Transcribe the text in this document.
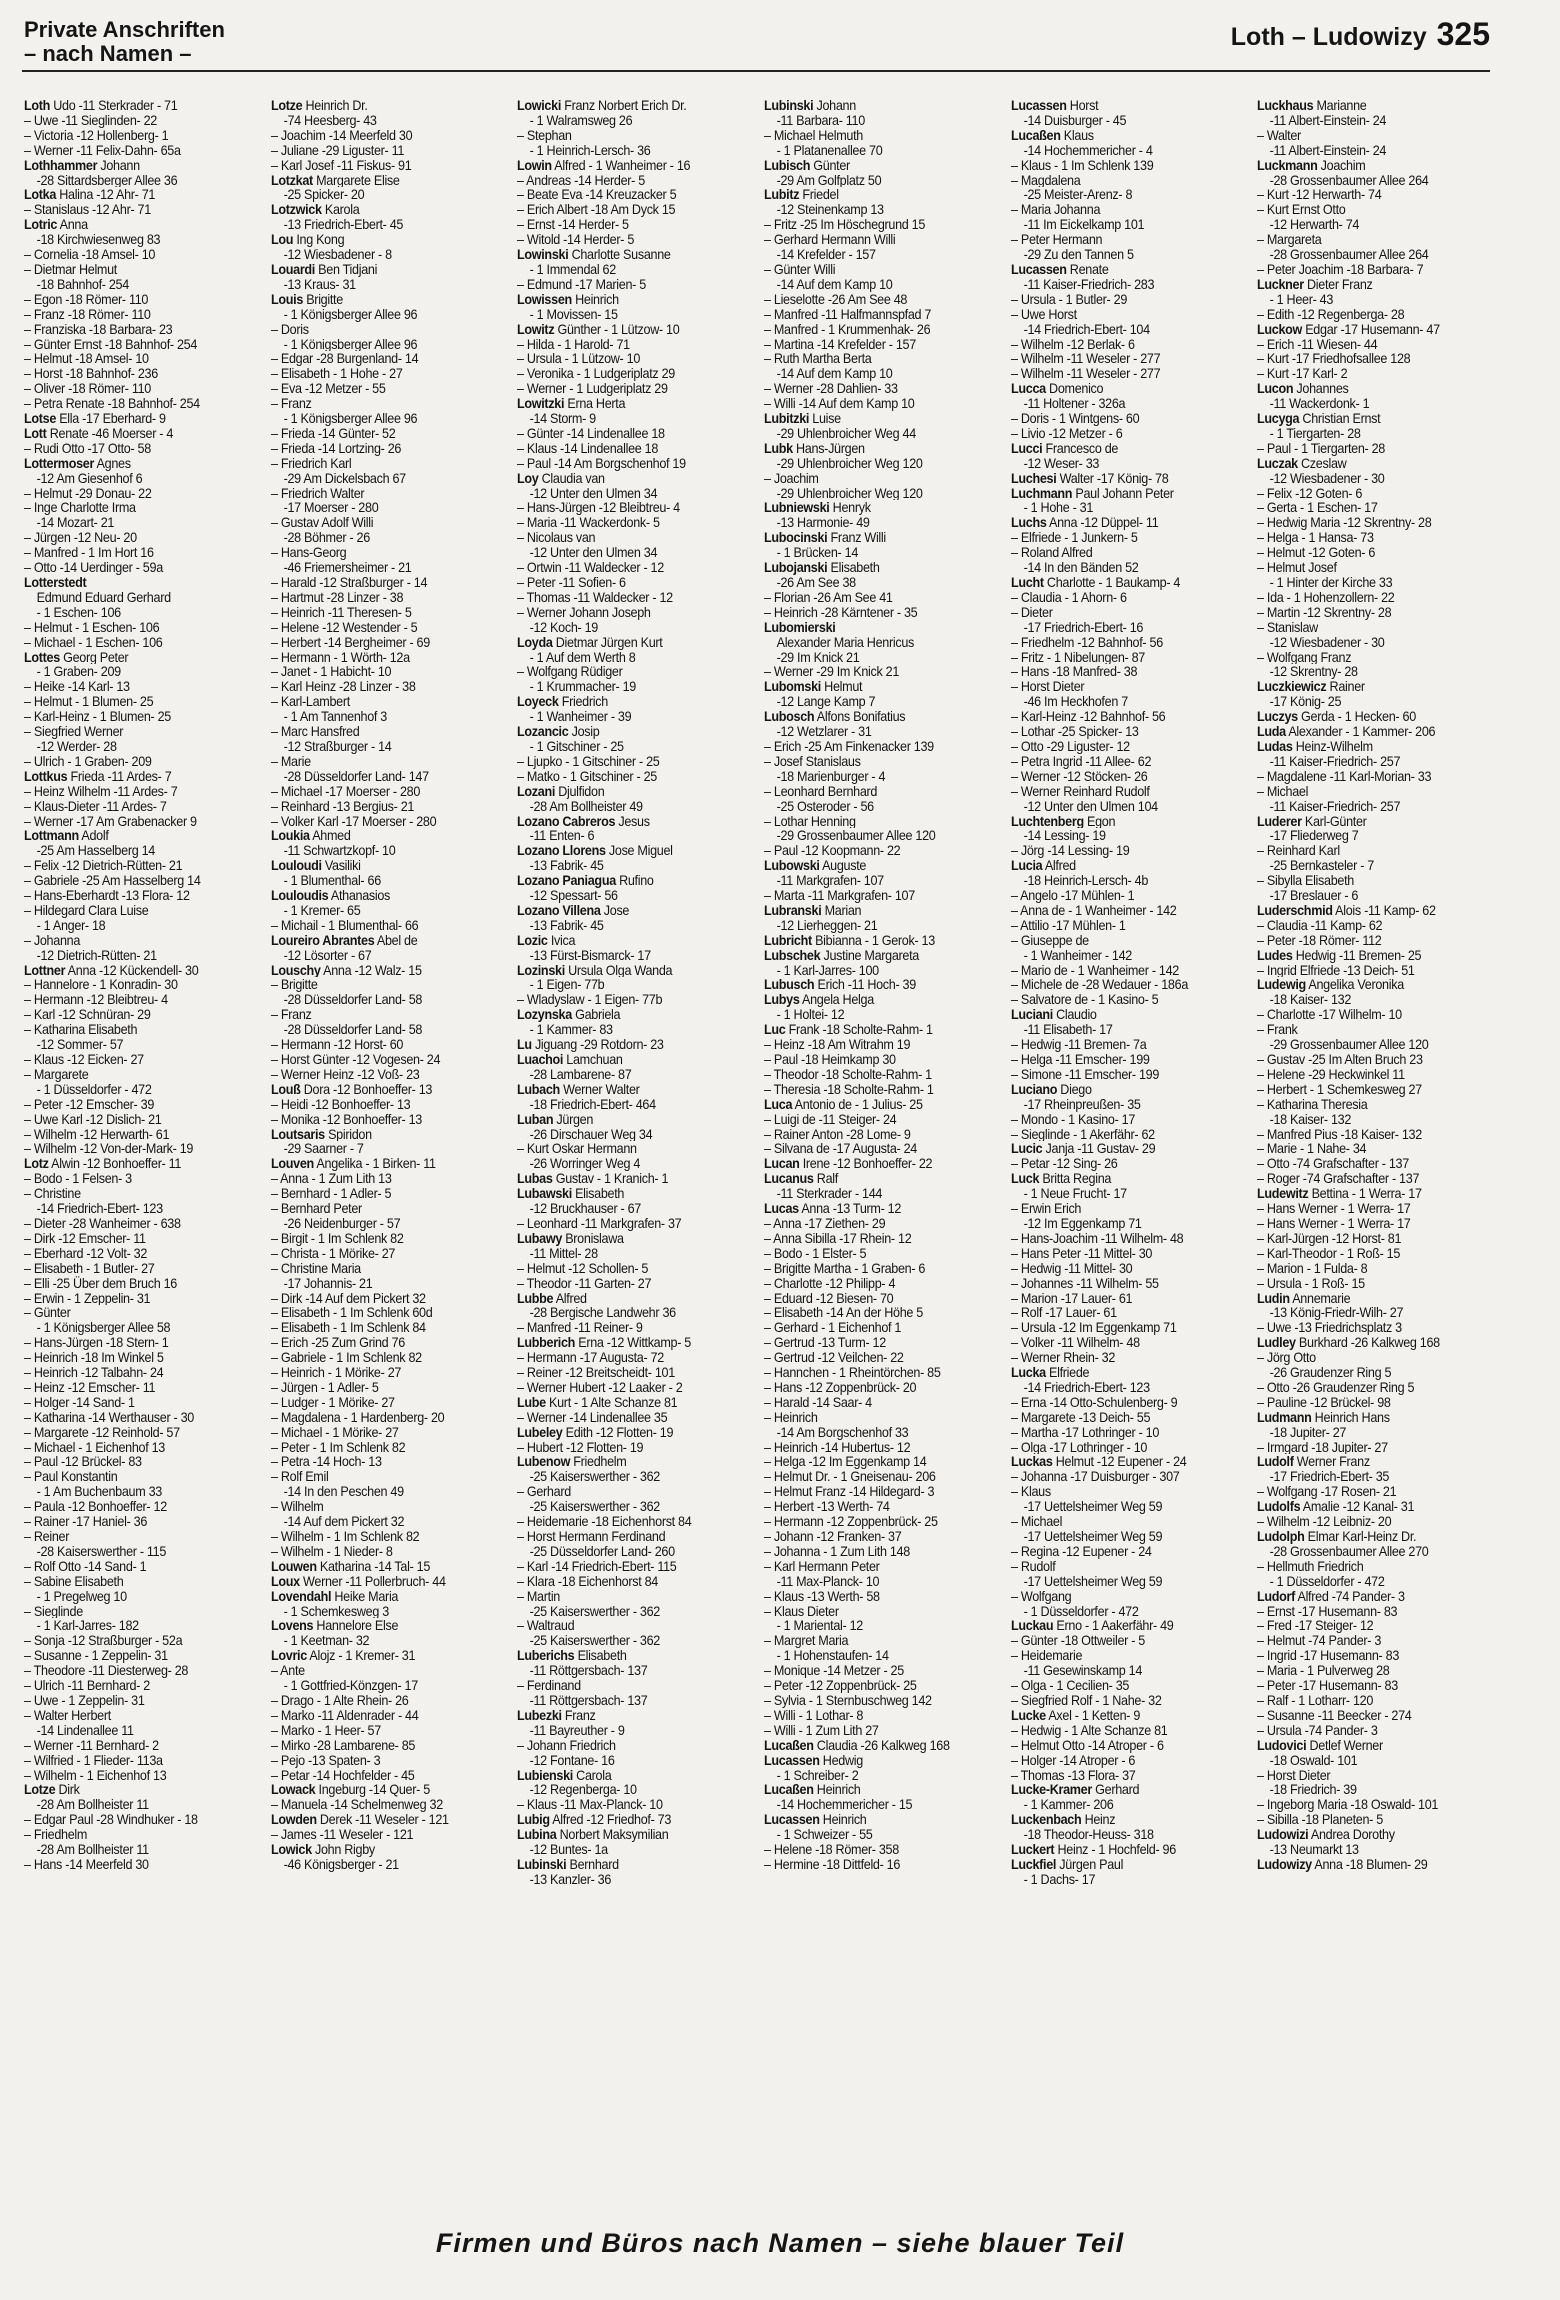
Private Anschriften
– nach Namen –
Loth – Ludowizy 325
Loth Udo -11 Sterkrader - 71
– Uwe -11 Sieglinden- 22
– Victoria -12 Hollenberg- 1
– Werner -11 Felix-Dahn- 65a
Lothhammer Johann
-28 Sittardsberger Allee 36
Lotka Halina -12 Ahr- 71
– Stanislaus -12 Ahr- 71
Lotric Anna
-18 Kirchwiesenweg 83
– Cornelia -18 Amsel- 10
– Dietmar Helmut
-18 Bahnhof- 254
– Egon -18 Römer- 110
– Franz -18 Römer- 110
– Franziska -18 Barbara- 23
– Günter Ernst -18 Bahnhof- 254
– Helmut -18 Amsel- 10
– Horst -18 Bahnhof- 236
– Oliver -18 Römer- 110
– Petra Renate -18 Bahnhof- 254
Lotse Ella -17 Eberhard- 9
Lott Renate -46 Moerser - 4
– Rudi Otto -17 Otto- 58
Lottermoser Agnes
-12 Am Giesenhof 6
– Helmut -29 Donau- 22
– Inge Charlotte Irma
-14 Mozart- 21
– Jürgen -12 Neu- 20
– Manfred - 1 Im Hort 16
– Otto -14 Uerdinger - 59a
Lotterstedt
Edmund Eduard Gerhard
- 1 Eschen- 106
– Helmut - 1 Eschen- 106
– Michael - 1 Eschen- 106
Lottes Georg Peter
- 1 Graben- 209
– Heike -14 Karl- 13
– Helmut - 1 Blumen- 25
– Karl-Heinz - 1 Blumen- 25
– Siegfried Werner
-12 Werder- 28
– Ulrich - 1 Graben- 209
Lottkus Frieda -11 Ardes- 7
– Heinz Wilhelm -11 Ardes- 7
– Klaus-Dieter -11 Ardes- 7
– Werner -17 Am Grabenacker 9
Lottmann Adolf
-25 Am Hasselberg 14
– Felix -12 Dietrich-Rütten- 21
– Gabriele -25 Am Hasselberg 14
– Hans-Eberhardt -13 Flora- 12
– Hildegard Clara Luise
- 1 Anger- 18
– Johanna
-12 Dietrich-Rütten- 21
Lottner Anna -12 Kückendell- 30
– Hannelore - 1 Konradin- 30
– Hermann -12 Bleibtreu- 4
– Karl -12 Schnüran- 29
– Katharina Elisabeth
-12 Sommer- 57
– Klaus -12 Eicken- 27
– Margarete
- 1 Düsseldorfer - 472
– Peter -12 Emscher- 39
– Uwe Karl -12 Dislich- 21
– Wilhelm -12 Herwarth- 61
– Wilhelm -12 Von-der-Mark- 19
Lotz Alwin -12 Bonhoeffer- 11
– Bodo - 1 Felsen- 3
– Christine
-14 Friedrich-Ebert- 123
– Dieter -28 Wanheimer - 638
– Dirk -12 Emscher- 11
– Eberhard -12 Volt- 32
– Elisabeth - 1 Butler- 27
– Elli -25 Über dem Bruch 16
– Erwin - 1 Zeppelin- 31
– Günter
- 1 Königsberger Allee 58
– Hans-Jürgen -18 Stern- 1
– Heinrich -18 Im Winkel 5
– Heinrich -12 Talbahn- 24
– Heinz -12 Emscher- 11
– Holger -14 Sand- 1
– Katharina -14 Werthauser - 30
– Margarete -12 Reinhold- 57
– Michael - 1 Eichenhof 13
– Paul -12 Brückel- 83
– Paul Konstantin
- 1 Am Buchenbaum 33
– Paula -12 Bonhoeffer- 12
– Rainer -17 Haniel- 36
– Reiner
-28 Kaiserswerther - 115
– Rolf Otto -14 Sand- 1
– Sabine Elisabeth
- 1 Pregelweg 10
– Sieglinde
- 1 Karl-Jarres- 182
– Sonja -12 Straßburger - 52a
– Susanne - 1 Zeppelin- 31
– Theodore -11 Diesterweg- 28
– Ulrich -11 Bernhard- 2
– Uwe - 1 Zeppelin- 31
– Walter Herbert
-14 Lindenallee 11
– Werner -11 Bernhard- 2
– Wilfried - 1 Flieder- 113a
– Wilhelm - 1 Eichenhof 13
Lotze Dirk
-28 Am Bollheister 11
– Edgar Paul -28 Windhuker - 18
– Friedhelm
-28 Am Bollheister 11
– Hans -14 Meerfeld 30
Lotze Heinrich Dr.
-74 Heesberg- 43
– Joachim -14 Meerfeld 30
– Juliane -29 Liguster- 11
– Karl Josef -11 Fiskus- 91
Lotzkat Margarete Elise
-25 Spicker- 20
Lotzwick Karola
-13 Friedrich-Ebert- 45
Lou Ing Kong
-12 Wiesbadener - 8
Louardi Ben Tidjani
-13 Kraus- 31
Louis Brigitte
- 1 Königsberger Allee 96
– Doris
- 1 Königsberger Allee 96
– Edgar -28 Burgenland- 14
– Elisabeth - 1 Hohe - 27
– Eva -12 Metzer - 55
– Franz
- 1 Königsberger Allee 96
– Frieda -14 Günter- 52
– Frieda -14 Lortzing- 26
– Friedrich Karl
-29 Am Dickelsbach 67
– Friedrich Walter
-17 Moerser - 280
– Gustav Adolf Willi
-28 Böhmer - 26
– Hans-Georg
-46 Friemersheimer - 21
– Harald -12 Straßburger - 14
– Hartmut -28 Linzer - 38
– Heinrich -11 Theresen- 5
– Helene -12 Westender - 5
– Herbert -14 Bergheimer - 69
– Hermann - 1 Wörth- 12a
– Janet - 1 Habicht- 10
– Karl Heinz -28 Linzer - 38
– Karl-Lambert
- 1 Am Tannenhof 3
– Marc Hansfred
-12 Straßburger - 14
– Marie
-28 Düsseldorfer Land- 147
– Michael -17 Moerser - 280
– Reinhard -13 Bergius- 21
– Volker Karl -17 Moerser - 280
Loukia Ahmed
-11 Schwartzkopf- 10
Louloudi Vasiliki
- 1 Blumenthal- 66
Louloudis Athanasios
- 1 Kremer- 65
– Michail - 1 Blumenthal- 66
Loureiro Abrantes Abel de
-12 Lösorter - 67
Louschy Anna -12 Walz- 15
– Brigitte
-28 Düsseldorfer Land- 58
– Franz
-28 Düsseldorfer Land- 58
– Hermann -12 Horst- 60
– Horst Günter -12 Vogesen- 24
– Werner Heinz -12 Voß- 23
Louß Dora -12 Bonhoeffer- 13
– Heidi -12 Bonhoeffer- 13
– Monika -12 Bonhoeffer- 13
Loutsaris Spiridon
-29 Saarner - 7
Louven Angelika - 1 Birken- 11
– Anna - 1 Zum Lith 13
– Bernhard - 1 Adler- 5
– Bernhard Peter
-26 Neidenburger - 57
– Birgit - 1 Im Schlenk 82
– Christa - 1 Mörike- 27
– Christine Maria
-17 Johannis- 21
– Dirk -14 Auf dem Pickert 32
– Elisabeth - 1 Im Schlenk 60d
– Elisabeth - 1 Im Schlenk 84
– Erich -25 Zum Grind 76
– Gabriele - 1 Im Schlenk 82
– Heinrich - 1 Mörike- 27
– Jürgen - 1 Adler- 5
– Ludger - 1 Mörike- 27
– Magdalena - 1 Hardenberg- 20
– Michael - 1 Mörike- 27
– Peter - 1 Im Schlenk 82
– Petra -14 Hoch- 13
– Rolf Emil
-14 In den Peschen 49
– Wilhelm
-14 Auf dem Pickert 32
– Wilhelm - 1 Im Schlenk 82
– Wilhelm - 1 Nieder- 8
Louwen Katharina -14 Tal- 15
Loux Werner -11 Pollerbruch- 44
Lovendahl Heike Maria
- 1 Schemkesweg 3
Lovens Hannelore Else
- 1 Keetman- 32
Lovric Alojz - 1 Kremer- 31
– Ante
- 1 Gottfried-Könzgen- 17
– Drago - 1 Alte Rhein- 26
– Marko -11 Aldenrader - 44
– Marko - 1 Heer- 57
– Mirko -28 Lambarene- 85
– Pejo -13 Spaten- 3
– Petar -14 Hochfelder - 45
Lowack Ingeburg -14 Quer- 5
– Manuela -14 Schelmenweg 32
Lowden Derek -11 Weseler - 121
– James -11 Weseler - 121
Lowick John Rigby
-46 Königsberger - 21
Lowicki Franz Norbert Erich Dr.
- 1 Walramsweg 26
– Stephan
- 1 Heinrich-Lersch- 36
Lowin Alfred - 1 Wanheimer - 16
– Andreas -14 Herder- 5
– Beate Eva -14 Kreuzacker 5
– Erich Albert -18 Am Dyck 15
– Ernst -14 Herder- 5
– Witold -14 Herder- 5
Lowinski Charlotte Susanne
- 1 Immendal 62
– Edmund -17 Marien- 5
Lowissen Heinrich
- 1 Movissen- 15
Lowitz Günther - 1 Lützow- 10
– Hilda - 1 Harold- 71
– Ursula - 1 Lützow- 10
– Veronika - 1 Ludgeriplatz 29
– Werner - 1 Ludgeriplatz 29
Lowitzki Erna Herta
-14 Storm- 9
– Günter -14 Lindenallee 18
– Klaus -14 Lindenallee 18
– Paul -14 Am Borgschenhof 19
Loy Claudia van
-12 Unter den Ulmen 34
– Hans-Jürgen -12 Bleibtreu- 4
– Maria -11 Wackerdonk- 5
– Nicolaus van
-12 Unter den Ulmen 34
– Ortwin -11 Waldecker - 12
– Peter -11 Sofien- 6
– Thomas -11 Waldecker - 12
– Werner Johann Joseph
-12 Koch- 19
Loyda Dietmar Jürgen Kurt
- 1 Auf dem Werth 8
– Wolfgang Rüdiger
- 1 Krummacher- 19
Loyeck Friedrich
- 1 Wanheimer - 39
Lozancic Josip
- 1 Gitschiner - 25
– Ljupko - 1 Gitschiner - 25
– Matko - 1 Gitschiner - 25
Lozani Djulfidon
-28 Am Bollheister 49
Lozano Cabreros Jesus
-11 Enten- 6
Lozano Llorens Jose Miguel
-13 Fabrik- 45
Lozano Paniagua Rufino
-12 Spessart- 56
Lozano Villena Jose
-13 Fabrik- 45
Lozic Ivica
-13 Fürst-Bismarck- 17
Lozinski Ursula Olga Wanda
- 1 Eigen- 77b
– Wladyslaw - 1 Eigen- 77b
Lozynska Gabriela
- 1 Kammer- 83
Lu Jiguang -29 Rotdorn- 23
Luachoi Lamchuan
-28 Lambarene- 87
Lubach Werner Walter
-18 Friedrich-Ebert- 464
Luban Jürgen
-26 Dirschauer Weg 34
– Kurt Oskar Hermann
-26 Worringer Weg 4
Lubas Gustav - 1 Kranich- 1
Lubawski Elisabeth
-12 Bruckhauser - 67
– Leonhard -11 Markgrafen- 37
Lubawy Bronislawa
-11 Mittel- 28
– Helmut -12 Schollen- 5
– Theodor -11 Garten- 27
Lubbe Alfred
-28 Bergische Landwehr 36
– Manfred -11 Reiner- 9
Lubberich Erna -12 Wittkamp- 5
– Hermann -17 Augusta- 72
– Reiner -12 Breitscheidt- 101
– Werner Hubert -12 Laaker - 2
Lube Kurt - 1 Alte Schanze 81
– Werner -14 Lindenallee 35
Lubeley Edith -12 Flotten- 19
– Hubert -12 Flotten- 19
Lubenow Friedhelm
-25 Kaiserswerther - 362
– Gerhard
-25 Kaiserswerther - 362
– Heidemarie -18 Eichenhorst 84
– Horst Hermann Ferdinand
-25 Düsseldorfer Land- 260
– Karl -14 Friedrich-Ebert- 115
– Klara -18 Eichenhorst 84
– Martin
-25 Kaiserswerther - 362
– Waltraud
-25 Kaiserswerther - 362
Luberichs Elisabeth
-11 Röttgersbach- 137
– Ferdinand
-11 Röttgersbach- 137
Lubezki Franz
-11 Bayreuther - 9
– Johann Friedrich
-12 Fontane- 16
Lubienski Carola
-12 Regenberga- 10
– Klaus -11 Max-Planck- 10
Lubig Alfred -12 Friedhof- 73
Lubina Norbert Maksymilian
-12 Buntes- 1a
Lubinski Bernhard
-13 Kanzler- 36
Lubinski Johann
-11 Barbara- 110
– Michael Helmuth
- 1 Platanenallee 70
Lubisch Günter
-29 Am Golfplatz 50
Lubitz Friedel
-12 Steinenkamp 13
– Fritz -25 Im Höschegrund 15
– Gerhard Hermann Willi
-14 Krefelder - 157
– Günter Willi
-14 Auf dem Kamp 10
– Lieselotte -26 Am See 48
– Manfred -11 Halfmannspfad 7
– Manfred - 1 Krummenhak- 26
– Martina -14 Krefelder - 157
– Ruth Martha Berta
-14 Auf dem Kamp 10
– Werner -28 Dahlien- 33
– Willi -14 Auf dem Kamp 10
Lubitzki Luise
-29 Uhlenbroicher Weg 44
Lubk Hans-Jürgen
-29 Uhlenbroicher Weg 120
– Joachim
-29 Uhlenbroicher Weg 120
Lubniewski Henryk
-13 Harmonie- 49
Lubocinski Franz Willi
- 1 Brücken- 14
Lubojanski Elisabeth
-26 Am See 38
– Florian -26 Am See 41
– Heinrich -28 Kärntener - 35
Lubomierski
Alexander Maria Henricus
-29 Im Knick 21
– Werner -29 Im Knick 21
Lubomski Helmut
-12 Lange Kamp 7
Lubosch Alfons Bonifatius
-12 Wetzlarer - 31
– Erich -25 Am Finkenacker 139
– Josef Stanislaus
-18 Marienburger - 4
– Leonhard Bernhard
-25 Osteroder - 56
– Lothar Henning
-29 Grossenbaumer Allee 120
– Paul -12 Koopmann- 22
Lubowski Auguste
-11 Markgrafen- 107
– Marta -11 Markgrafen- 107
Lubranski Marian
-12 Lierheggen- 21
Lubricht Bibianna - 1 Gerok- 13
Lubschek Justine Margareta
- 1 Karl-Jarres- 100
Lubusch Erich -11 Hoch- 39
Lubys Angela Helga
- 1 Holtei- 12
Luc Frank -18 Scholte-Rahm- 1
– Heinz -18 Am Witrahm 19
– Paul -18 Heimkamp 30
– Theodor -18 Scholte-Rahm- 1
– Theresia -18 Scholte-Rahm- 1
Luca Antonio de - 1 Julius- 25
– Luigi de -11 Steiger- 24
– Rainer Anton -28 Lome- 9
– Silvana de -17 Augusta- 24
Lucan Irene -12 Bonhoeffer- 22
Lucanus Ralf
-11 Sterkrader - 144
Lucas Anna -13 Turm- 12
– Anna -17 Ziethen- 29
– Anna Sibilla -17 Rhein- 12
– Bodo - 1 Elster- 5
– Brigitte Martha - 1 Graben- 6
– Charlotte -12 Philipp- 4
– Eduard -12 Biesen- 70
– Elisabeth -14 An der Höhe 5
– Gerhard - 1 Eichenhof 1
– Gertrud -13 Turm- 12
– Gertrud -12 Veilchen- 22
– Hannchen - 1 Rheintörchen- 85
– Hans -12 Zoppenbrück- 20
– Harald -14 Saar- 4
– Heinrich
-14 Am Borgschenhof 33
– Heinrich -14 Hubertus- 12
– Helga -12 Im Eggenkamp 14
– Helmut Dr. - 1 Gneisenau- 206
– Helmut Franz -14 Hildegard- 3
– Herbert -13 Werth- 74
– Hermann -12 Zoppenbrück- 25
– Johann -12 Franken- 37
– Johanna - 1 Zum Lith 148
– Karl Hermann Peter
-11 Max-Planck- 10
– Klaus -13 Werth- 58
– Klaus Dieter
- 1 Mariental- 12
– Margret Maria
- 1 Hohenstaufen- 14
– Monique -14 Metzer - 25
– Peter -12 Zoppenbrück- 25
– Sylvia - 1 Sternbuschweg 142
– Willi - 1 Lothar- 8
– Willi - 1 Zum Lith 27
Lucaßen Claudia -26 Kalkweg 168
Lucassen Hedwig
- 1 Schreiber- 2
Lucaßen Heinrich
-14 Hochemmericher - 15
Lucassen Heinrich
- 1 Schweizer - 55
– Helene -18 Römer- 358
– Hermine -18 Dittfeld- 16
Lucassen Horst
-14 Duisburger - 45
Lucaßen Klaus
-14 Hochemmericher - 4
– Klaus - 1 Im Schlenk 139
– Magdalena
-25 Meister-Arenz- 8
– Maria Johanna
-11 Im Eickelkamp 101
– Peter Hermann
-29 Zu den Tannen 5
Lucassen Renate
-11 Kaiser-Friedrich- 283
– Ursula - 1 Butler- 29
– Uwe Horst
-14 Friedrich-Ebert- 104
– Wilhelm -12 Berlak- 6
– Wilhelm -11 Weseler - 277
– Wilhelm -11 Weseler - 277
Lucca Domenico
-11 Holtener - 326a
– Doris - 1 Wintgens- 60
– Livio -12 Metzer - 6
Lucci Francesco de
-12 Weser- 33
Luchesi Walter -17 König- 78
Luchmann Paul Johann Peter
- 1 Hohe - 31
Luchs Anna -12 Düppel- 11
– Elfriede - 1 Junkern- 5
– Roland Alfred
-14 In den Bänden 52
Lucht Charlotte - 1 Baukamp- 4
– Claudia - 1 Ahorn- 6
– Dieter
-17 Friedrich-Ebert- 16
– Friedhelm -12 Bahnhof- 56
– Fritz - 1 Nibelungen- 87
– Hans -18 Manfred- 38
– Horst Dieter
-46 Im Heckhofen 7
– Karl-Heinz -12 Bahnhof- 56
– Lothar -25 Spicker- 13
– Otto -29 Liguster- 12
– Petra Ingrid -11 Allee- 62
– Werner -12 Stöcken- 26
– Werner Reinhard Rudolf
-12 Unter den Ulmen 104
Luchtenberg Egon
-14 Lessing- 19
– Jörg -14 Lessing- 19
Lucia Alfred
-18 Heinrich-Lersch- 4b
– Angelo -17 Mühlen- 1
– Anna de - 1 Wanheimer - 142
– Attilio -17 Mühlen- 1
– Giuseppe de
- 1 Wanheimer - 142
– Mario de - 1 Wanheimer - 142
– Michele de -28 Wedauer - 186a
– Salvatore de - 1 Kasino- 5
Luciani Claudio
-11 Elisabeth- 17
– Hedwig -11 Bremen- 7a
– Helga -11 Emscher- 199
– Simone -11 Emscher- 199
Luciano Diego
-17 Rheinpreußen- 35
– Mondo - 1 Kasino- 17
– Sieglinde - 1 Akerfähr- 62
Lucic Janja -11 Gustav- 29
– Petar -12 Sing- 26
Luck Britta Regina
- 1 Neue Frucht- 17
– Erwin Erich
-12 Im Eggenkamp 71
– Hans-Joachim -11 Wilhelm- 48
– Hans Peter -11 Mittel- 30
– Hedwig -11 Mittel- 30
– Johannes -11 Wilhelm- 55
– Marion -17 Lauer- 61
– Rolf -17 Lauer- 61
– Ursula -12 Im Eggenkamp 71
– Volker -11 Wilhelm- 48
– Werner Rhein- 32
Lucka Elfriede
-14 Friedrich-Ebert- 123
– Erna -14 Otto-Schulenberg- 9
– Margarete -13 Deich- 55
– Martha -17 Lothringer - 10
– Olga -17 Lothringer - 10
Luckas Helmut -12 Eupener - 24
– Johanna -17 Duisburger - 307
– Klaus
-17 Uettelsheimer Weg 59
– Michael
-17 Uettelsheimer Weg 59
– Regina -12 Eupener - 24
– Rudolf
-17 Uettelsheimer Weg 59
– Wolfgang
- 1 Düsseldorfer - 472
Luckau Erno - 1 Aakerfähr- 49
– Günter -18 Ottweiler - 5
– Heidemarie
-11 Gesewinskamp 14
– Olga - 1 Cecilien- 35
– Siegfried Rolf - 1 Nahe- 32
Lucke Axel - 1 Ketten- 9
– Hedwig - 1 Alte Schanze 81
– Helmut Otto -14 Atroper - 6
– Holger -14 Atroper - 6
– Thomas -13 Flora- 37
Lucke-Kramer Gerhard
- 1 Kammer- 206
Luckenbach Heinz
-18 Theodor-Heuss- 318
Luckert Heinz - 1 Hochfeld- 96
Luckfiel Jürgen Paul
- 1 Dachs- 17
Luckhaus Marianne
-11 Albert-Einstein- 24
– Walter
-11 Albert-Einstein- 24
Luckmann Joachim
-28 Grossenbaumer Allee 264
– Kurt -12 Herwarth- 74
– Kurt Ernst Otto
-12 Herwarth- 74
– Margareta
-28 Grossenbaumer Allee 264
– Peter Joachim -18 Barbara- 7
Luckner Dieter Franz
- 1 Heer- 43
– Edith -12 Regenberga- 28
Luckow Edgar -17 Husemann- 47
– Erich -11 Wiesen- 44
– Kurt -17 Friedhofsallee 128
– Kurt -17 Karl- 2
Lucon Johannes
-11 Wackerdonk- 1
Lucyga Christian Ernst
- 1 Tiergarten- 28
– Paul - 1 Tiergarten- 28
Luczak Czeslaw
-12 Wiesbadener - 30
– Felix -12 Goten- 6
– Gerta - 1 Eschen- 17
– Hedwig Maria -12 Skrentny- 28
– Helga - 1 Hansa- 73
– Helmut -12 Goten- 6
– Helmut Josef
- 1 Hinter der Kirche 33
– Ida - 1 Hohenzollern- 22
– Martin -12 Skrentny- 28
– Stanislaw
-12 Wiesbadener - 30
– Wolfgang Franz
-12 Skrentny- 28
Luczkiewicz Rainer
-17 König- 25
Luczys Gerda - 1 Hecken- 60
Luda Alexander - 1 Kammer- 206
Ludas Heinz-Wilhelm
-11 Kaiser-Friedrich- 257
– Magdalene -11 Karl-Morian- 33
– Michael
-11 Kaiser-Friedrich- 257
Luderer Karl-Günter
-17 Fliederweg 7
– Reinhard Karl
-25 Bernkasteler - 7
– Sibylla Elisabeth
-17 Breslauer - 6
Luderschmid Alois -11 Kamp- 62
– Claudia -11 Kamp- 62
– Peter -18 Römer- 112
Ludes Hedwig -11 Bremen- 25
– Ingrid Elfriede -13 Deich- 51
Ludewig Angelika Veronika
-18 Kaiser- 132
– Charlotte -17 Wilhelm- 10
– Frank
-29 Grossenbaumer Allee 120
– Gustav -25 Im Alten Bruch 23
– Helene -29 Heckwinkel 11
– Herbert - 1 Schemkesweg 27
– Katharina Theresia
-18 Kaiser- 132
– Manfred Pius -18 Kaiser- 132
– Marie - 1 Nahe- 34
– Otto -74 Grafschafter - 137
– Roger -74 Grafschafter - 137
Ludewitz Bettina - 1 Werra- 17
– Hans Werner - 1 Werra- 17
– Hans Werner - 1 Werra- 17
– Karl-Jürgen -12 Horst- 81
– Karl-Theodor - 1 Roß- 15
– Marion - 1 Fulda- 8
– Ursula - 1 Roß- 15
Ludin Annemarie
-13 König-Friedr-Wilh- 27
– Uwe -13 Friedrichsplatz 3
Ludley Burkhard -26 Kalkweg 168
– Jörg Otto
-26 Graudenzer Ring 5
– Otto -26 Graudenzer Ring 5
– Pauline -12 Brückel- 98
Ludmann Heinrich Hans
-18 Jupiter- 27
– Irmgard -18 Jupiter- 27
Ludolf Werner Franz
-17 Friedrich-Ebert- 35
– Wolfgang -17 Rosen- 21
Ludolfs Amalie -12 Kanal- 31
– Wilhelm -12 Leibniz- 20
Ludolph Elmar Karl-Heinz Dr.
-28 Grossenbaumer Allee 270
– Hellmuth Friedrich
- 1 Düsseldorfer - 472
Ludorf Alfred -74 Pander- 3
– Ernst -17 Husemann- 83
– Fred -17 Steiger- 12
– Helmut -74 Pander- 3
– Ingrid -17 Husemann- 83
– Maria - 1 Pulverweg 28
– Peter -17 Husemann- 83
– Ralf - 1 Lotharr- 120
– Susanne -11 Beecker - 274
– Ursula -74 Pander- 3
Ludovici Detlef Werner
-18 Oswald- 101
– Horst Dieter
-18 Friedrich- 39
– Ingeborg Maria -18 Oswald- 101
– Sibilla -18 Planeten- 5
Ludowizi Andrea Dorothy
-13 Neumarkt 13
Ludowizy Anna -18 Blumen- 29
Firmen und Büros nach Namen – siehe blauer Teil
